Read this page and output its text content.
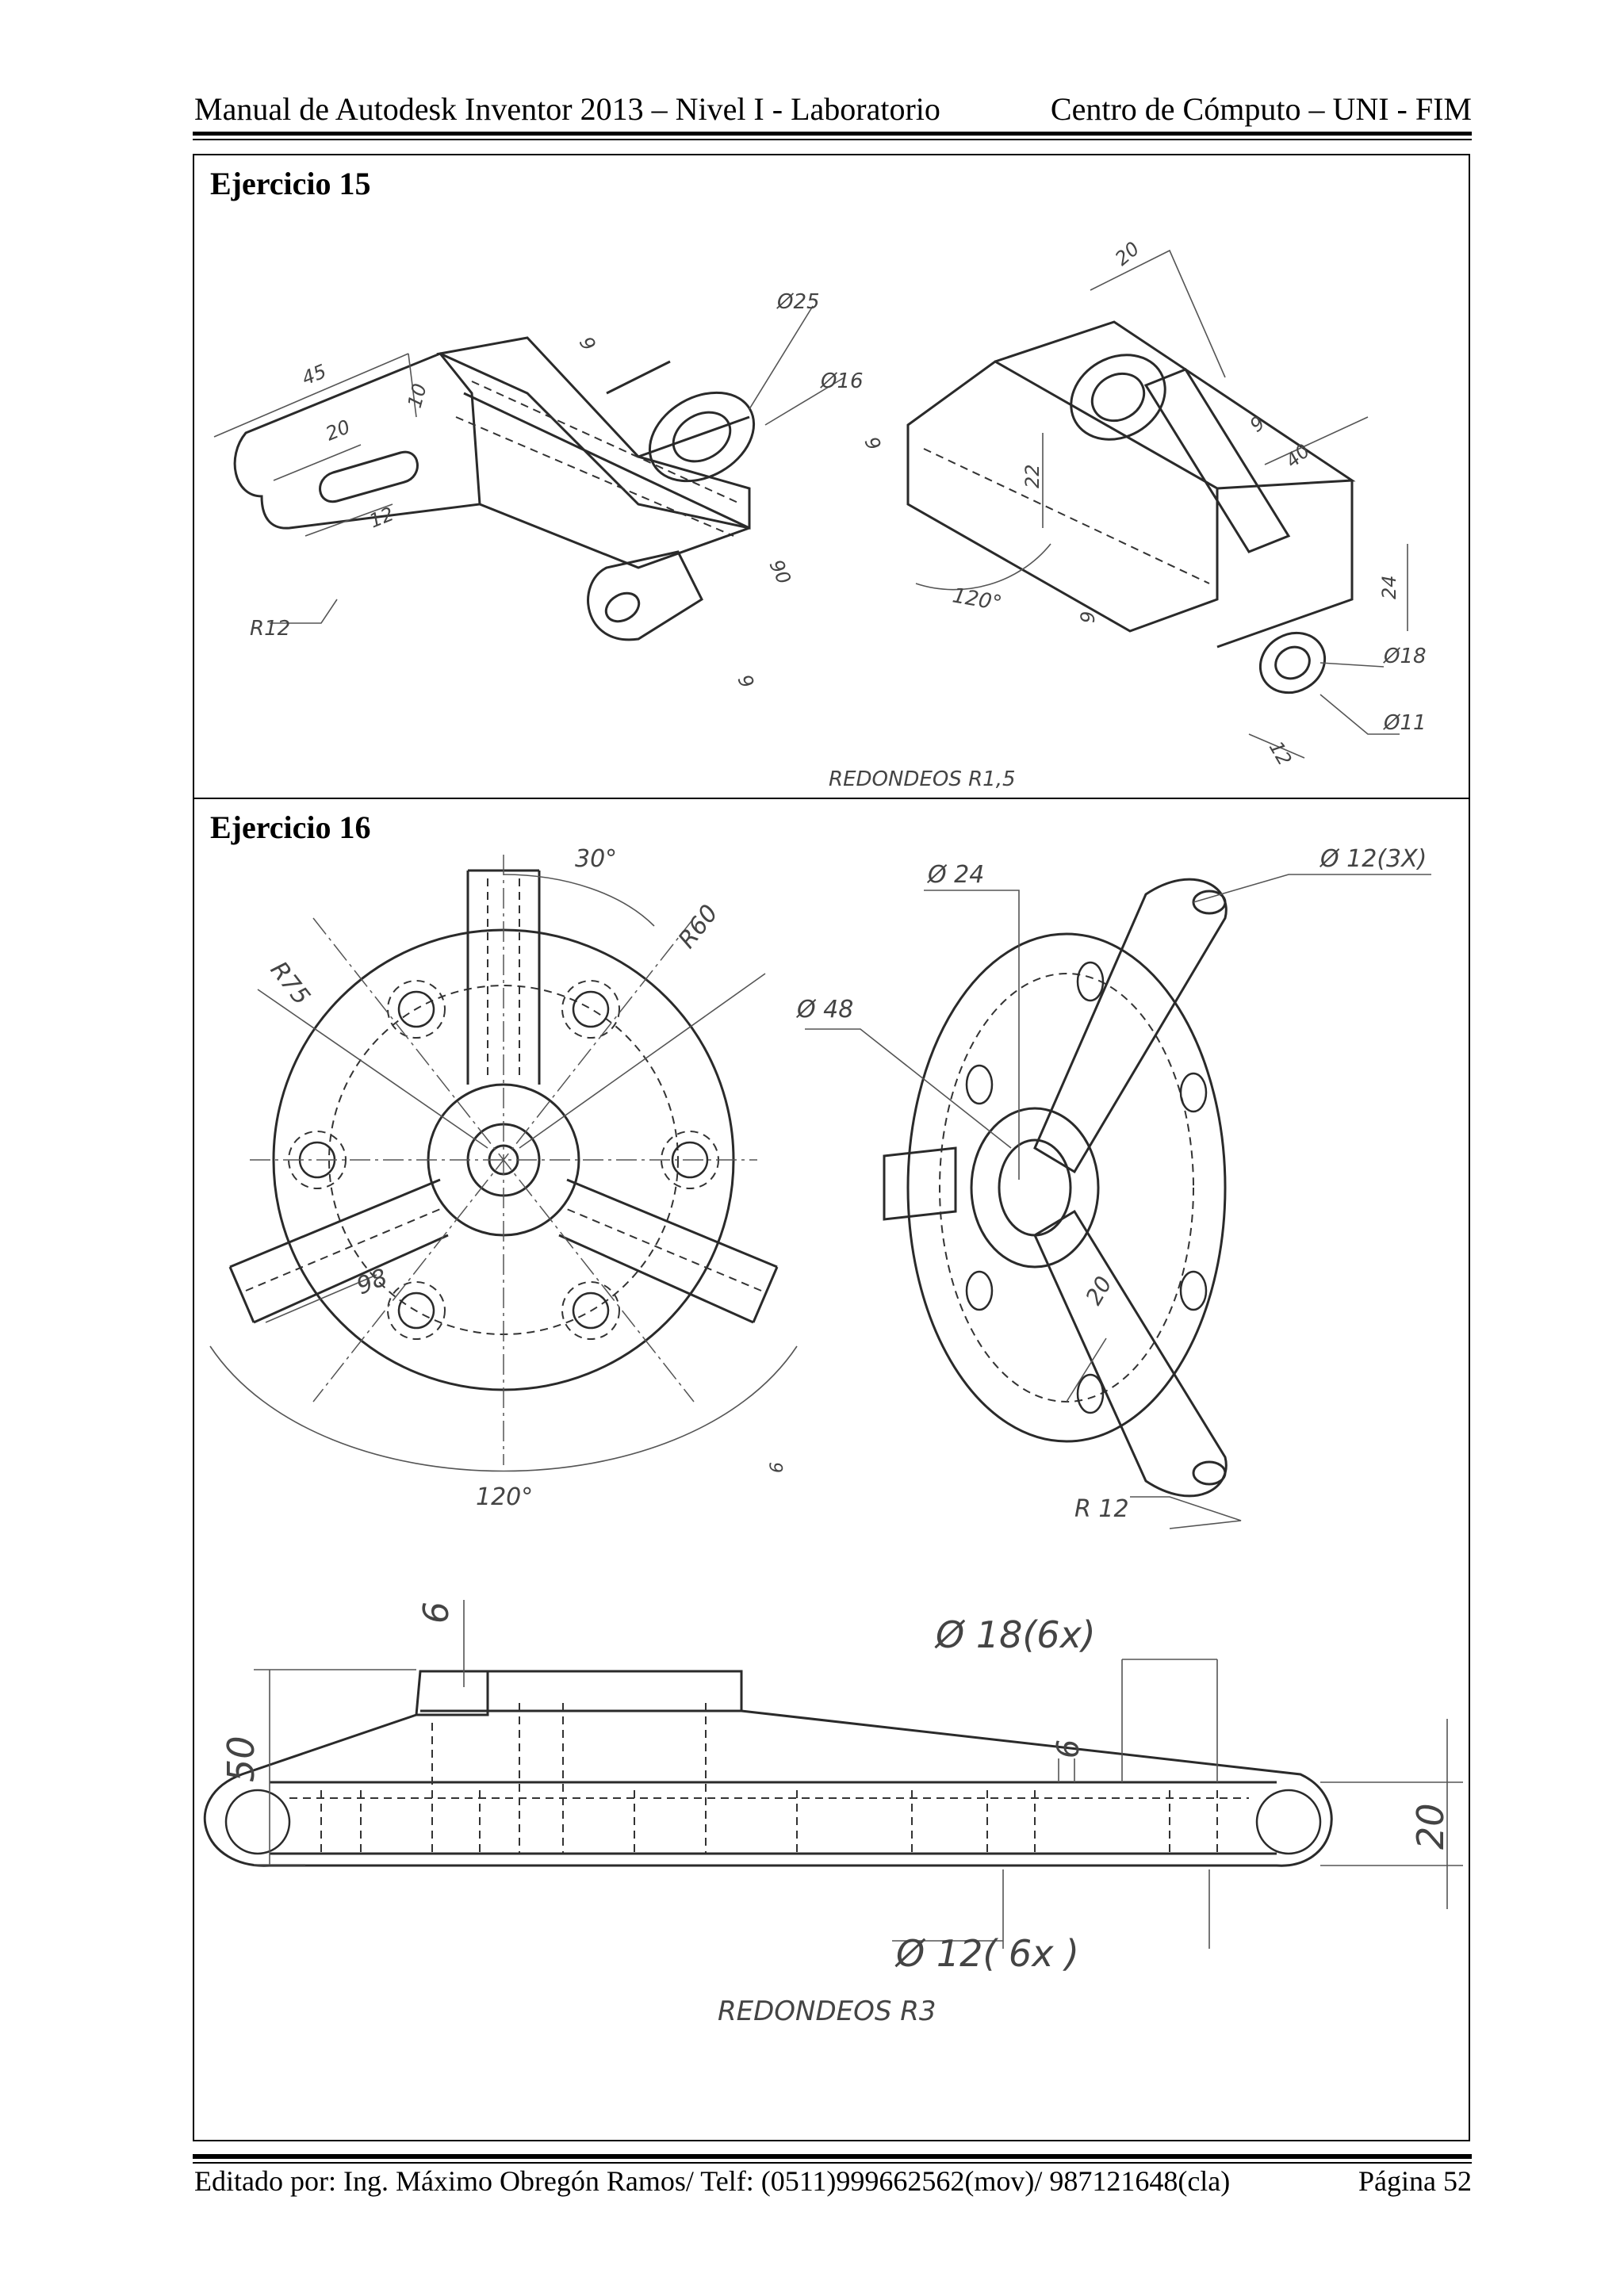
Manual de Autodesk Inventor 2013 – Nivel I - Laboratorio	Centro de Cómputo – UNI - FIM
Ejercicio 15
45
20
12
10
9
Ø25
Ø16
R12
90
9
9
22
120°
9
20
9
40
24
Ø18
Ø11
12
REDONDEOS R1,5
Ejercicio 16
30°
R75
R60
98
120°
Ø 24
Ø 12(3X)
Ø 48
20
R 12
6
6
Ø 18(6x)
50	6
20
Ø 12( 6x )
REDONDEOS R3
Editado por: Ing. Máximo Obregón Ramos/ Telf: (0511)999662562(mov)/ 987121648(cla)	Página 52
